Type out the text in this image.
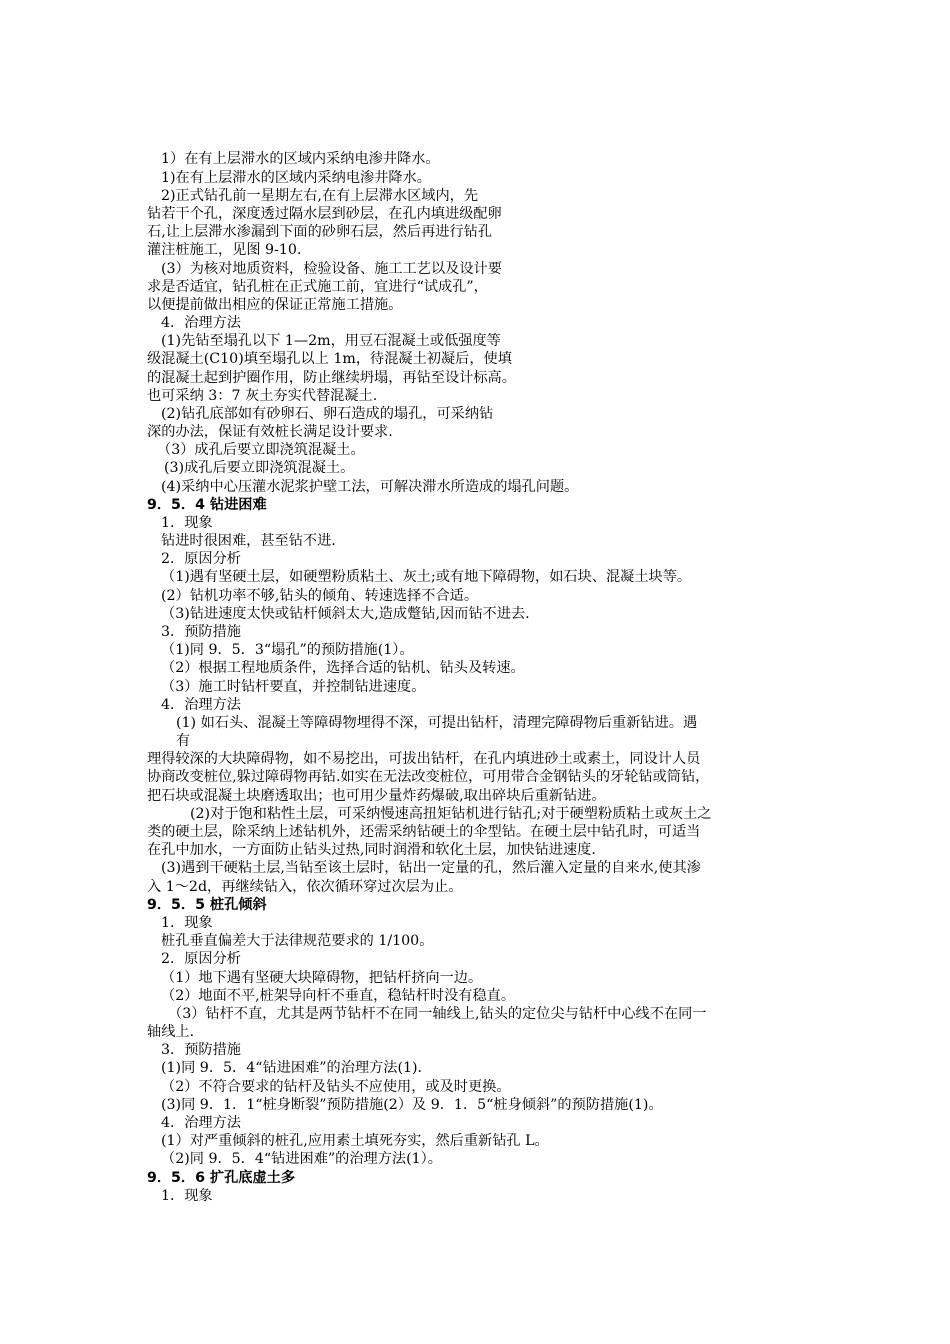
1）在有上层滞水的区域内采纳电渗井降水。
1)在有上层滞水的区域内采纳电渗井降水。
2)正式钻孔前一星期左右,在有上层滞水区域内，先
钻若干个孔，深度透过隔水层到砂层，在孔内填进级配卵
石,让上层滞水渗漏到下面的砂卵石层，然后再进行钻孔
灌注桩施工，见图 9-10.
(3）为核对地质资料，检验设备、施工工艺以及设计要
求是否适宜，钻孔桩在正式施工前，宜进行“试成孔”，
以便提前做出相应的保证正常施工措施。
4．治理方法
(1)先钻至塌孔以下 1—2m，用豆石混凝土或低强度等
级混凝土(C10)填至塌孔以上 1m，待混凝土初凝后，使填
的混凝土起到护圈作用，防止继续坍塌，再钻至设计标高。
也可采纳 3：7 灰土夯实代替混凝土.
(2)钻孔底部如有砂卵石、卵石造成的塌孔，可采纳钻
深的办法，保证有效桩长满足设计要求.
（3）成孔后要立即浇筑混凝土。
(3)成孔后要立即浇筑混凝土。
(4)采纳中心压灌水泥浆护壁工法，可解决滞水所造成的塌孔问题。
9．5．4 钻进困难
1．现象
钻进时很困难，甚至钻不进.
2．原因分析
（1)遇有坚硬土层，如硬塑粉质粘土、灰土;或有地下障碍物，如石块、混凝土块等。
(2）钻机功率不够,钻头的倾角、转速选择不合适。
（3)钻进速度太快或钻杆倾斜太大,造成蹩钻,因而钻不进去.
3．预防措施
（1)同 9．5．3“塌孔”的预防措施(1）。
（2）根据工程地质条件，选择合适的钻机、钻头及转速。
（3）施工时钻杆要直，并控制钻进速度。
4．治理方法
(1) 如石头、混凝土等障碍物埋得不深，可提出钻杆，清理完障碍物后重新钻进。遇
有
理得较深的大块障碍物，如不易挖出，可拔出钻杆，在孔内填进砂土或素土，同设计人员
协商改变桩位,躲过障碍物再钻.如实在无法改变桩位，可用带合金钢钻头的牙轮钻或筒钻，
把石块或混凝土块磨透取出；也可用少量炸药爆破,取出碎块后重新钻进。
(2)对于饱和粘性土层，可采纳慢速高扭矩钻机进行钻孔;对于硬塑粉质粘土或灰土之
类的硬土层，除采纳上述钻机外，还需采纳钻硬土的伞型钻。在硬土层中钻孔时，可适当
在孔中加水，一方面防止钻头过热,同时润滑和软化土层，加快钻进速度.
(3)遇到干硬粘土层,当钻至该土层时，钻出一定量的孔，然后灌入定量的自来水,使其渗
入 1～2d，再继续钻入，依次循环穿过次层为止。
9．5．5 桩孔倾斜
1．现象
桩孔垂直偏差大于法律规范要求的 1/100。
2．原因分析
（1）地下遇有坚硬大块障碍物，把钻杆挤向一边。
（2）地面不平,桩架导向杆不垂直，稳钻杆时没有稳直。
（3）钻杆不直，尤其是两节钻杆不在同一轴线上,钻头的定位尖与钻杆中心线不在同一
轴线上.
3．预防措施
(1)同 9．5．4“钻进困难”的治理方法(1).
（2）不符合要求的钻杆及钻头不应使用，或及时更换。
(3)同 9．1．1“桩身断裂”预防措施(2）及 9．1．5“桩身倾斜”的预防措施(1)。
4．治理方法
(1）对严重倾斜的桩孔,应用素土填死夯实，然后重新钻孔 L。
（2)同 9．5．4“钻进困难”的治理方法(1）。
9．5．6 扩孔底虚土多
1．现象
